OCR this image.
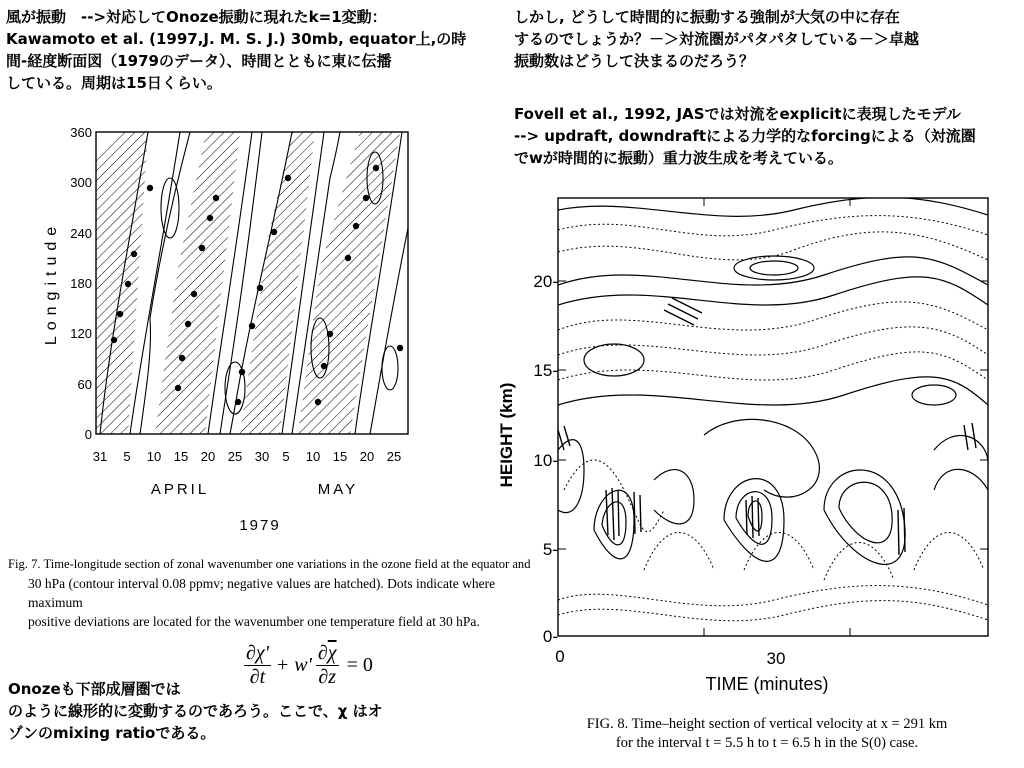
風が振動　-->対応してOnoze振動に現れたk=1変動：
Kawamoto et al. (1997,J. M. S. J.) 30mb, equator上,の時
間-経度断面図（1979のデータ）、時間とともに東に伝播
している。周期は15日くらい。
Longitude
360
300
240
180
120
60
0
31 5 10 15 20 25 30 5 10 15 20 25
APRIL	MAY
1979
Fig. 7. Time-longitude section of zonal wavenumber one variations in the ozone field at the equator and
30 hPa (contour interval 0.08 ppmv; negative values are hatched). Dots indicate where maximum
positive deviations are located for the wavenumber one temperature field at 30 hPa.
∂χ'
∂t
+ $w' \frac{\partial\overline{\chi}}{\partial z} = 0$
Onozeも下部成層圏では
のように線形的に変動するのであろう。ここで、χ はオ
ゾンのmixing ratioである。
しかし, どうして時間的に振動する強制が大気の中に存在
するのでしょうか？－＞対流圏がパタパタしている－＞卓越
振動数はどうして決まるのだろう？
Fovell et al., 1992, JASでは対流をexplicitに表現したモデル
--> updraft, downdraftによる力学的なforcingによる（対流圏
でwが時間的に振動）重力波生成を考えている。
HEIGHT (km)
20-
15-
10-
5-
0-
0	30
TIME (minutes)
FIG. 8. Time–height section of vertical velocity at x = 291 km
for the interval t = 5.5 h to t = 6.5 h in the S(0) case.
